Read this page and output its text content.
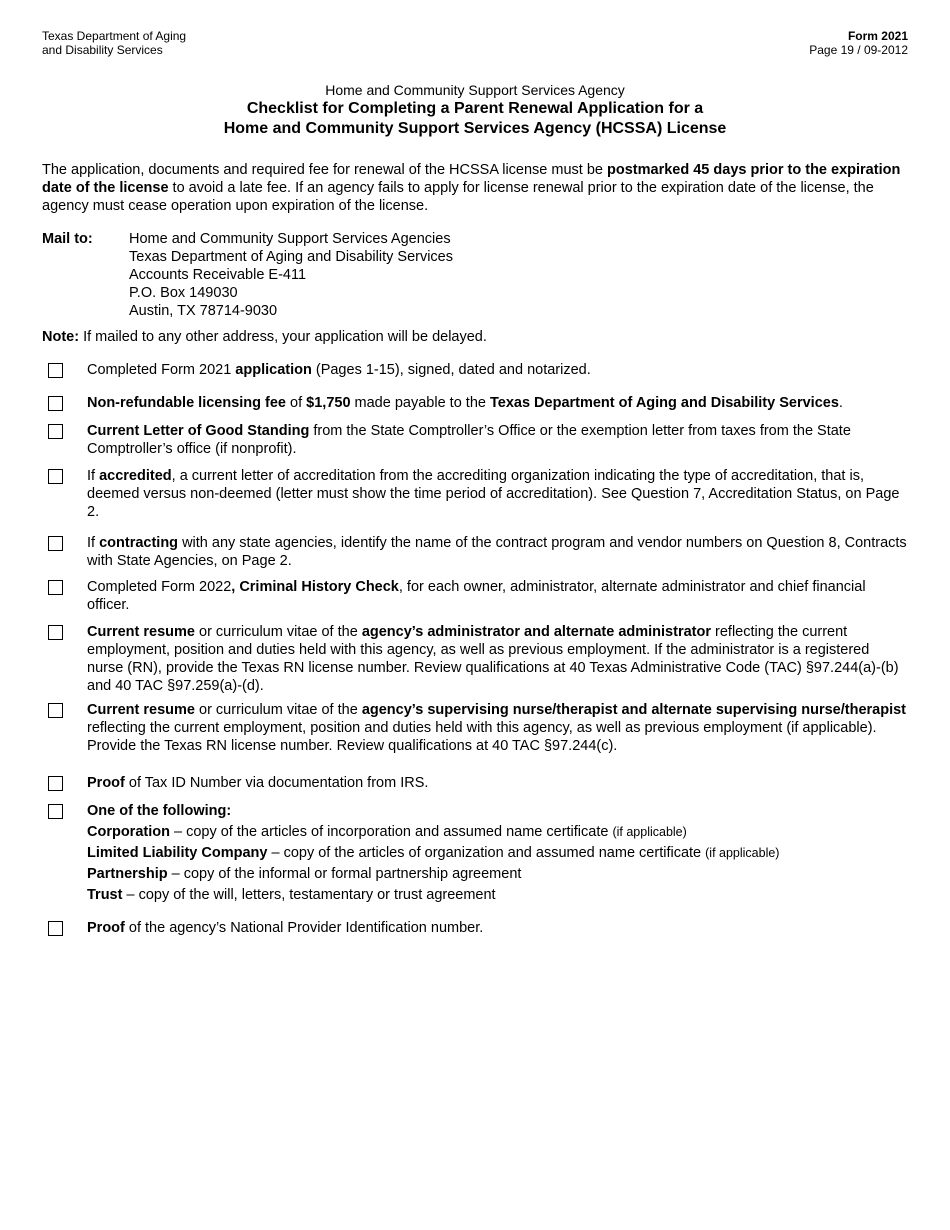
Texas Department of Aging
and Disability Services
Form 2021
Page 19 / 09-2012
Home and Community Support Services Agency
Checklist for Completing a Parent Renewal Application for a
Home and Community Support Services Agency (HCSSA) License
The application, documents and required fee for renewal of the HCSSA license must be postmarked 45 days prior to the expiration date of the license to avoid a late fee. If an agency fails to apply for license renewal prior to the expiration date of the license, the agency must cease operation upon expiration of the license.
Mail to:	Home and Community Support Services Agencies
Texas Department of Aging and Disability Services
Accounts Receivable E-411
P.O. Box 149030
Austin, TX 78714-9030
Note: If mailed to any other address, your application will be delayed.
Completed Form 2021 application (Pages 1-15), signed, dated and notarized.
Non-refundable licensing fee of $1,750 made payable to the Texas Department of Aging and Disability Services.
Current Letter of Good Standing from the State Comptroller’s Office or the exemption letter from taxes from the State Comptroller’s office (if nonprofit).
If accredited, a current letter of accreditation from the accrediting organization indicating the type of accreditation, that is, deemed versus non-deemed (letter must show the time period of accreditation). See Question 7, Accreditation Status, on Page 2.
If contracting with any state agencies, identify the name of the contract program and vendor numbers on Question 8, Contracts with State Agencies, on Page 2.
Completed Form 2022, Criminal History Check, for each owner, administrator, alternate administrator and chief financial officer.
Current resume or curriculum vitae of the agency’s administrator and alternate administrator reflecting the current employment, position and duties held with this agency, as well as previous employment. If the administrator is a registered nurse (RN), provide the Texas RN license number. Review qualifications at 40 Texas Administrative Code (TAC) §97.244(a)-(b) and 40 TAC §97.259(a)-(d).
Current resume or curriculum vitae of the agency’s supervising nurse/therapist and alternate supervising nurse/therapist reflecting the current employment, position and duties held with this agency, as well as previous employment (if applicable). Provide the Texas RN license number. Review qualifications at 40 TAC §97.244(c).
Proof of Tax ID Number via documentation from IRS.
One of the following:
Corporation – copy of the articles of incorporation and assumed name certificate (if applicable)
Limited Liability Company – copy of the articles of organization and assumed name certificate (if applicable)
Partnership – copy of the informal or formal partnership agreement
Trust – copy of the will, letters, testamentary or trust agreement
Proof of the agency’s National Provider Identification number.
